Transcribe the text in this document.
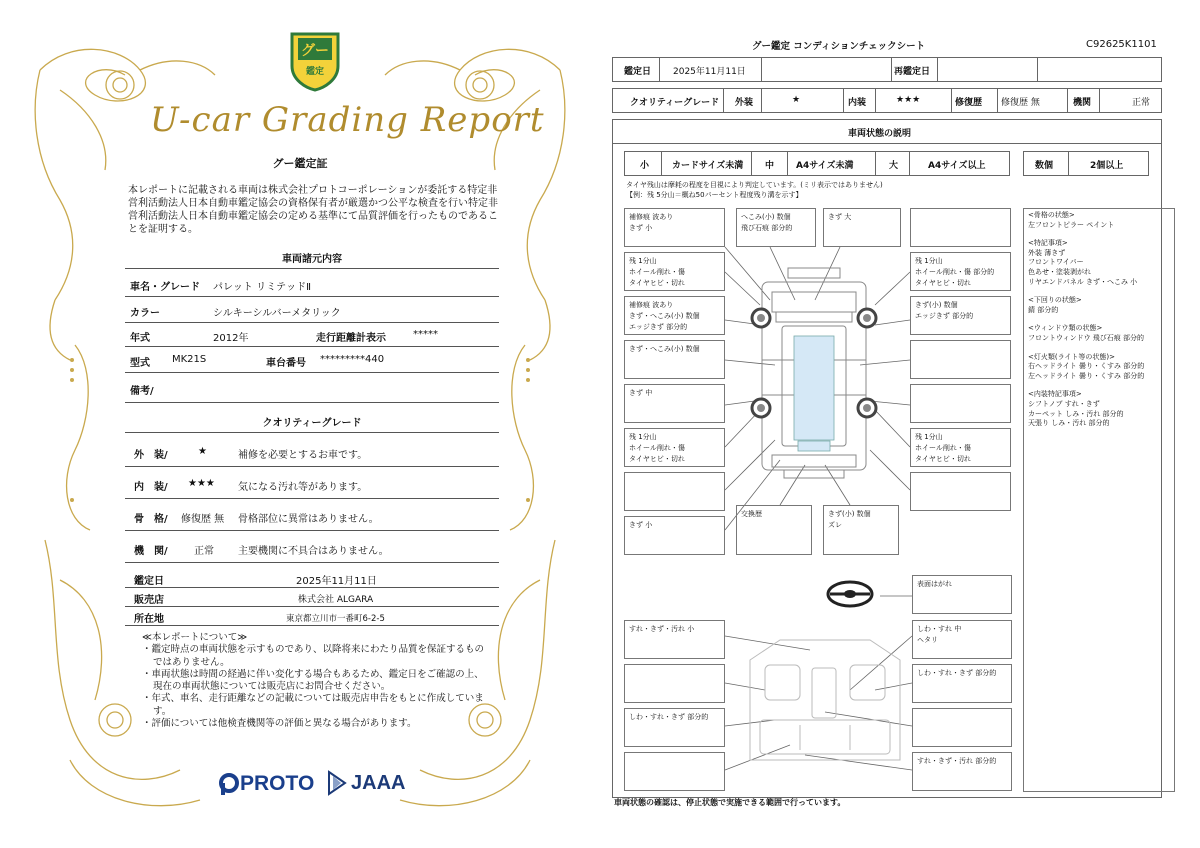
グー
鑑定
U-car Grading Report
グー鑑定証
本レポートに記載される車両は株式会社プロトコーポレーションが委託する特定非営利活動法人日本自動車鑑定協会の資格保有者が厳選かつ公平な検査を行い特定非営利活動法人日本自動車鑑定協会の定める基準にて品質評価を行ったものであることを証明する。
車両諸元内容
車名・グレード パレット リミテッドⅡ
カラー	シルキーシルバーメタリック
年式	2012年	走行距離計表示	*****
型式 MK21S	車台番号 *********440
備考/
クオリティーグレード
外　装/	★	補修を必要とするお車です。
内　装/ ★★★ 気になる汚れ等があります。
骨　格/ 修復歴 無 骨格部位に異常はありません。
機　関/	正常 主要機関に不具合はありません。
鑑定日	2025年11月11日
販売店	株式会社 ALGARA
所在地	東京都立川市一番町6-2-5
≪本レポートについて≫
・鑑定時点の車両状態を示すものであり、以降将来にわたり品質を保証するものではありません。
・車両状態は時間の経過に伴い変化する場合もあるため、鑑定日をご確認の上、現在の車両状態については販売店にお問合せください。
・年式、車名、走行距離などの記載については販売店申告をもとに作成しています。
・評価については他検査機関等の評価と異なる場合があります。
PROTO JAAA
グー鑑定 コンディションチェックシート	C92625K1101
鑑定日 2025年11月11日	再鑑定日
クオリティーグレード 外装	★	内装	★★★	修復歴 修復歴 無	機関	正常
車両状態の説明
小	カードサイズ未満 中 A4サイズ未満	大	A4サイズ以上	数個	2個以上
タイヤ残山は摩耗の程度を目視により判定しています。(ミリ表示ではありません)
【例：残 5分山＝概ね50パーセント程度残り溝を示す】
補修痕 波あり
きず 小
へこみ(小) 数個
飛び石痕 部分的
きず 大
残 1分山
ホイール削れ・傷
タイヤヒビ・切れ
残 1分山
ホイール削れ・傷 部分的
タイヤヒビ・切れ
補修痕 波あり
きず・へこみ(小) 数個
エッジきず 部分的
きず(小) 数個
エッジきず 部分的
きず・へこみ(小) 数個
きず 中
残 1分山
ホイール削れ・傷
タイヤヒビ・切れ
残 1分山
ホイール削れ・傷
タイヤヒビ・切れ
きず 小
交換歴	きず(小) 数個
ズレ
表面はがれ
すれ・きず・汚れ 小	しわ・すれ 中
ヘタリ
しわ・すれ・きず 部分的
しわ・すれ・きず 部分的
すれ・きず・汚れ 部分的
<骨格の状態>
左フロントピラー ペイント
<特記事項>
外装 薄きず
フロントワイパー
色あせ・塗装剥がれ
リヤエンドパネル きず・へこみ 小
<下回りの状態>
錆 部分的
<ウィンドウ類の状態>
フロントウィンドウ 飛び石痕 部分的
<灯火類(ライト等の状態)>
右ヘッドライト 曇り・くすみ 部分的
左ヘッドライト 曇り・くすみ 部分的
<内装特記事項>
シフトノブ すれ・きず
カーペット しみ・汚れ 部分的
天張り しみ・汚れ 部分的
車両状態の確認は、停止状態で実施できる範囲で行っています。
